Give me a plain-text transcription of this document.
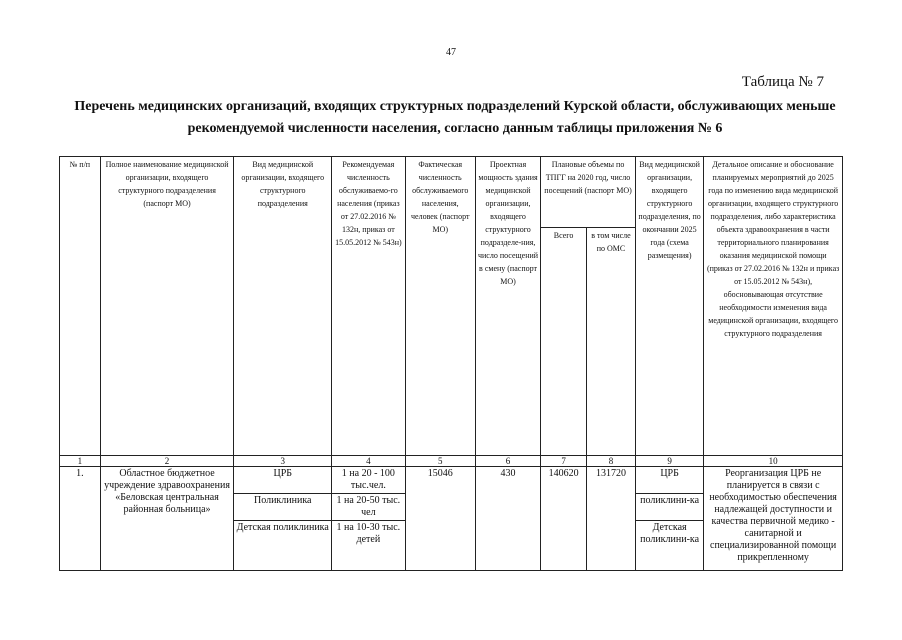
47
Таблица № 7
Перечень медицинских организаций, входящих структурных подразделений Курской области, обслуживающих меньше рекомендуемой численности населения, согласно данным таблицы приложения № 6
№ п/п	Полное наименование медицинской организации, входящего структурного подразделения (паспорт МО)	Вид медицинской организации, входящего структурного подразделения	Рекомендуемая численность обслуживаемо-го населения (приказ от 27.02.2016 № 132н, приказ от 15.05.2012 № 543н)	Фактическая численность обслуживаемого населения, человек (паспорт МО)	Проектная мощность здания медицинской организации, входящего структурного подразделе-ния, число посещений в смену (паспорт МО)	Плановые объемы по ТПГГ на 2020 год, число посещений (паспорт МО)		Вид медицинской организации, входящего структурного подразделения, по окончании 2025 года (схема размещения)	Детальное описание и обоснование планируемых мероприятий до 2025 года по изменению вида медицинской организации, входящего структурного подразделения, либо характеристика объекта здравоохранения в части территориального планирования оказания медицинской помощи (приказ от 27.02.2016 № 132н и приказ от 15.05.2012 № 543н), обосновывающая отсутствие необходимости изменения вида медицинской организации, входящего структурного подразделения
						Всего	в том числе по ОМС		
1	2	3	4	5	6	7	8	9	10
1.	Областное бюджетное учреждение здравоохранения «Беловская центральная районная больница»	ЦРБ	1 на 20 - 100 тыс.чел.	15046	430	140620	131720	ЦРБ	Реорганизация ЦРБ не планируется в связи с необходимостью обеспечения надлежащей доступности и качества первичной медико - санитарной и специализированной помощи прикрепленному
		Поликлиника	1 на 20-50 тыс. чел					поликлини-ка	
		Детская поликлиника	1 на 10-30 тыс. детей					Детская поликлини-ка	
